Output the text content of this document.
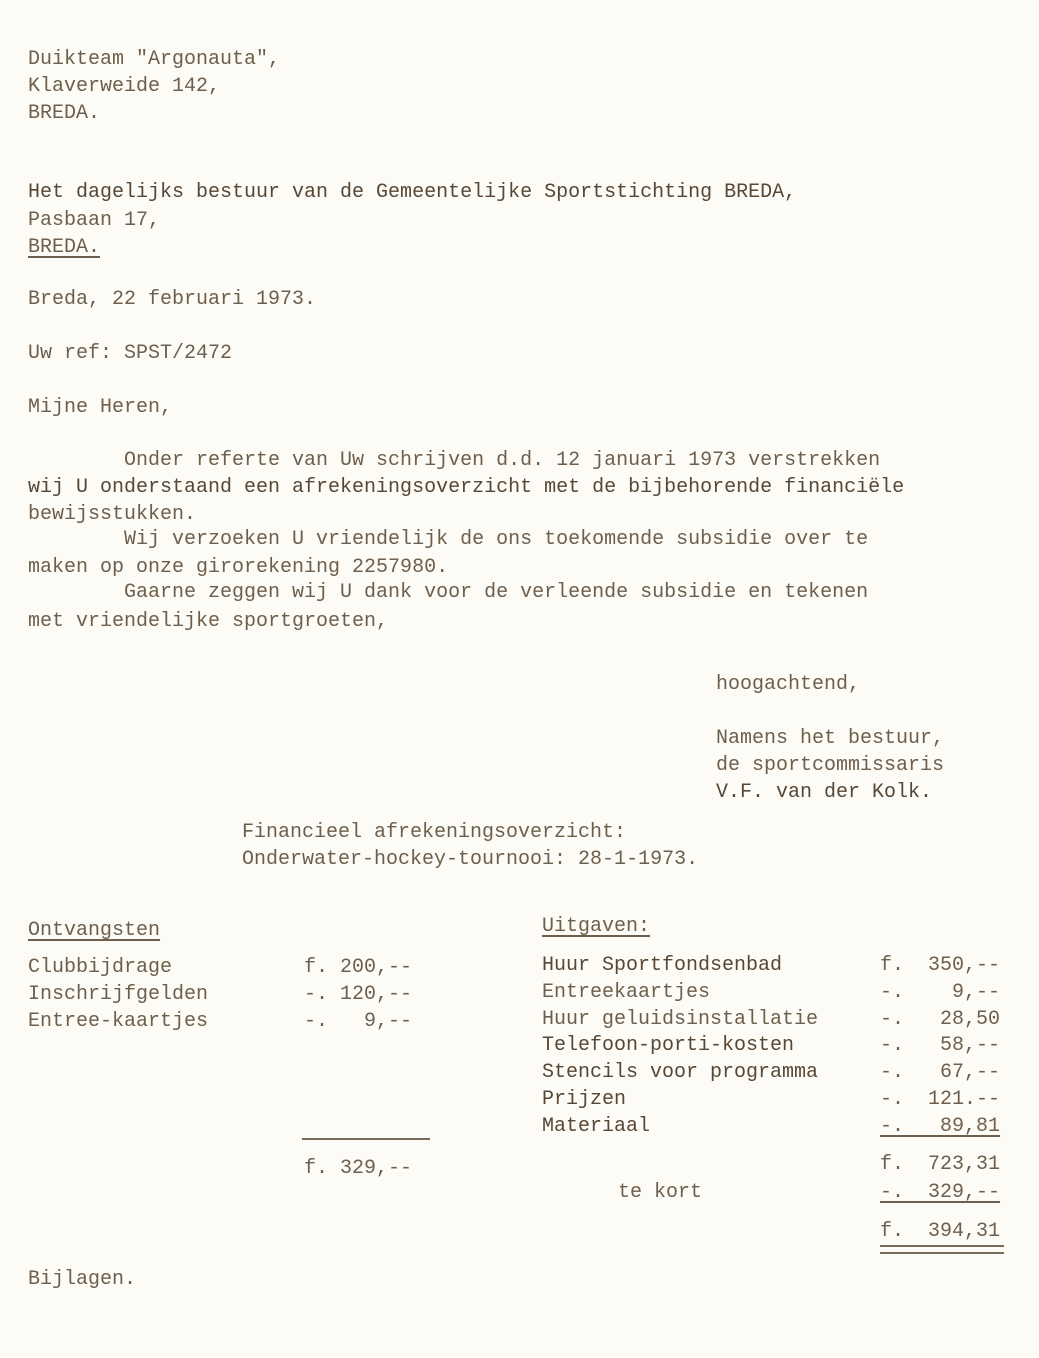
Duikteam "Argonauta",
Klaverweide 142,
BREDA.
Het dagelijks bestuur van de Gemeentelijke Sportstichting BREDA,
Pasbaan 17,
BREDA.
Breda, 22 februari 1973.
Uw ref: SPST/2472
Mijne Heren,
Onder referte van Uw schrijven d.d. 12 januari 1973 verstrekken
wij U onderstaand een afrekeningsoverzicht met de bijbehorende financiële
bewijsstukken.
Wij verzoeken U vriendelijk de ons toekomende subsidie over te
maken op onze girorekening 2257980.
Gaarne zeggen wij U dank voor de verleende subsidie en tekenen
met vriendelijke sportgroeten,
hoogachtend,
Namens het bestuur,
de sportcommissaris
V.F. van der Kolk.
Financieel afrekeningsoverzicht:
Onderwater-hockey-tournooi: 28-1-1973.
Ontvangsten
Clubbijdrage	f. 200,--
Inschrijfgelden	-. 120,--
Entree-kaartjes	-.   9,--
f. 329,--
Uitgaven:
Huur Sportfondsenbad	f.  350,--
Entreekaartjes	-.    9,--
Huur geluidsinstallatie	-.   28,50
Telefoon-porti-kosten	-.   58,--
Stencils voor programma	-.   67,--
Prijzen	-.  121.--
Materiaal	-.   89,81
f.  723,31
te kort	-.  329,--
f.  394,31
Bijlagen.
